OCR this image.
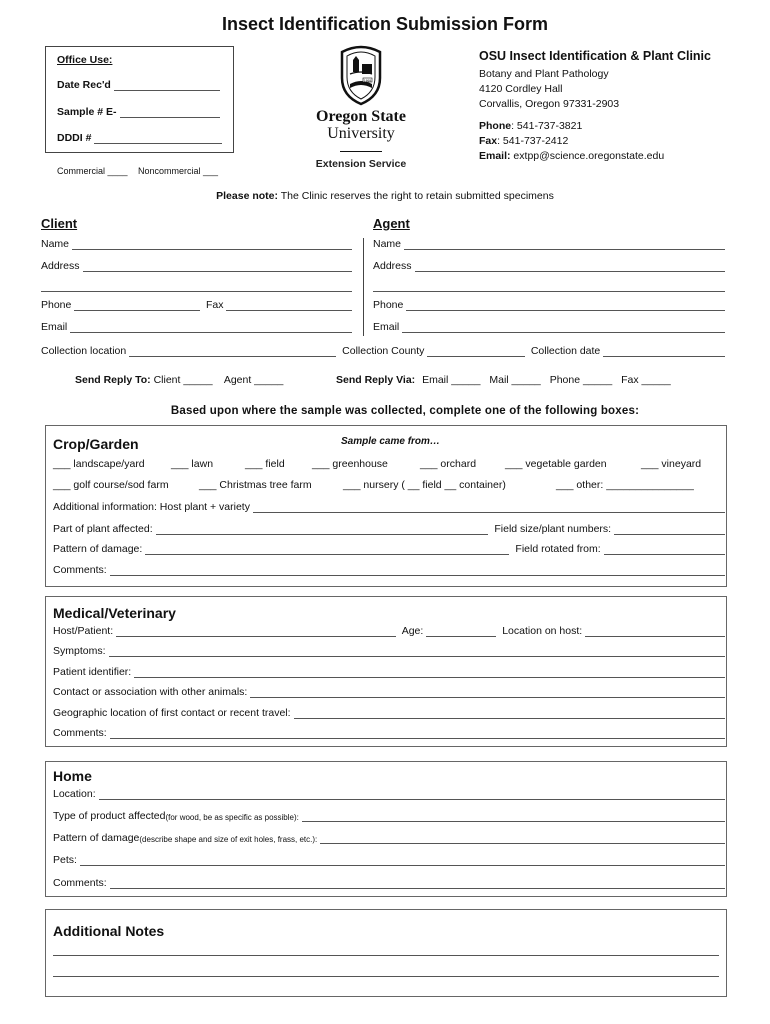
Insect Identification Submission Form
Office Use:
Date Rec'd
Sample # E-
DDDI #
Commercial ____ Noncommercial ___
1868
Oregon State
University
Extension Service
OSU Insect Identification & Plant Clinic
Botany and Plant Pathology
4120 Cordley Hall
Corvallis, Oregon 97331-2903
Phone: 541-737-3821
Fax: 541-737-2412
Email: extpp@science.oregonstate.edu
Please note: The Clinic reserves the right to retain submitted specimens
Client	Agent
Name
Address
Phone	Fax
Email
Name
Address
Phone
Email
Collection location	Collection County	Collection date
Send Reply To: Client _____ Agent _____	Send Reply Via: Email _____ Mail _____ Phone _____ Fax _____
Based upon where the sample was collected, complete one of the following boxes:
Crop/Garden	Sample came from…
___ landscape/yard	___ lawn	___ field	___ greenhouse	___ orchard	___ vegetable garden	___ vineyard
___ golf course/sod farm	___ Christmas tree farm	___ nursery ( __ field __ container)	___ other: _______________
Additional information: Host plant + variety
Part of plant affected:	Field size/plant numbers:
Pattern of damage:	Field rotated from:
Comments:
Medical/Veterinary
Host/Patient:	Age:	Location on host:
Symptoms:
Patient identifier:
Contact or association with other animals:
Geographic location of first contact or recent travel:
Comments:
Home
Location:
Type of product affected (for wood, be as specific as possible):
Pattern of damage (describe shape and size of exit holes, frass, etc.):
Pets:
Comments:
Additional Notes
